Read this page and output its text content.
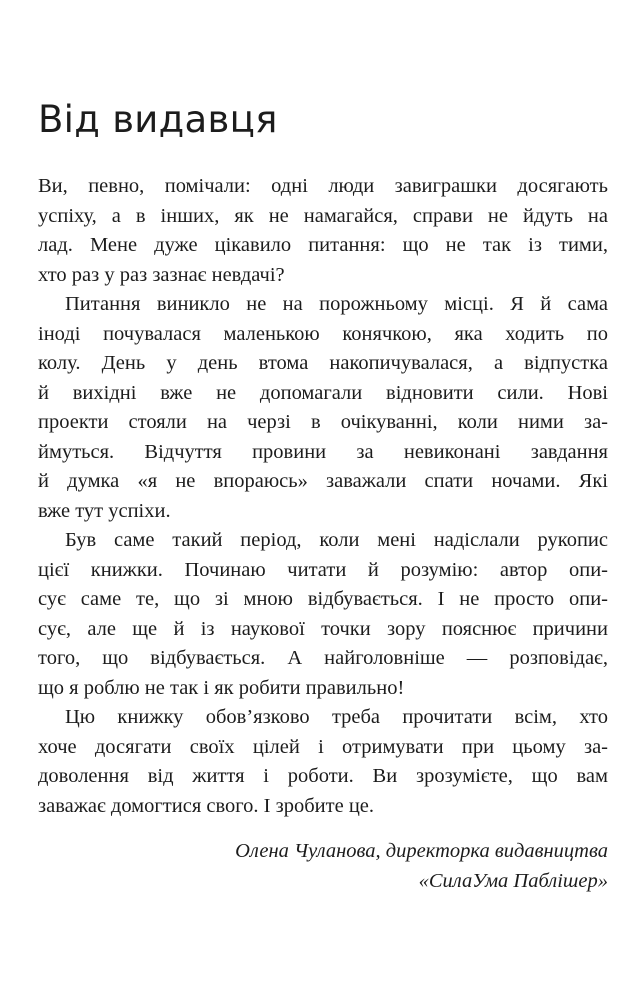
Від видавця
Ви, певно, помічали: одні люди завиграшки досягають
успіху, а в інших, як не намагайся, справи не йдуть на
лад. Мене дуже цікавило питання: що не так із тими,
хто раз у раз зазнає невдачі?
Питання виникло не на порожньому місці. Я й сама
іноді почувалася маленькою конячкою, яка ходить по
колу. День у день втома накопичувалася, а відпустка
й вихідні вже не допомагали відновити сили. Нові
проекти стояли на черзі в очікуванні, коли ними за-
ймуться. Відчуття провини за невиконані завдання
й думка «я не впораюсь» заважали спати ночами. Які
вже тут успіхи.
Був саме такий період, коли мені надіслали рукопис
цієї книжки. Починаю читати й розумію: автор опи-
сує саме те, що зі мною відбувається. І не просто опи-
сує, але ще й із наукової точки зору пояснює причини
того, що відбувається. А найголовніше — розповідає,
що я роблю не так і як робити правильно!
Цю книжку обов’язково треба прочитати всім, хто
хоче досягати своїх цілей і отримувати при цьому за-
доволення від життя і роботи. Ви зрозумієте, що вам
заважає домогтися свого. І зробите це.
Олена Чуланова, директорка видавництва
«СилаУма Паблішер»
